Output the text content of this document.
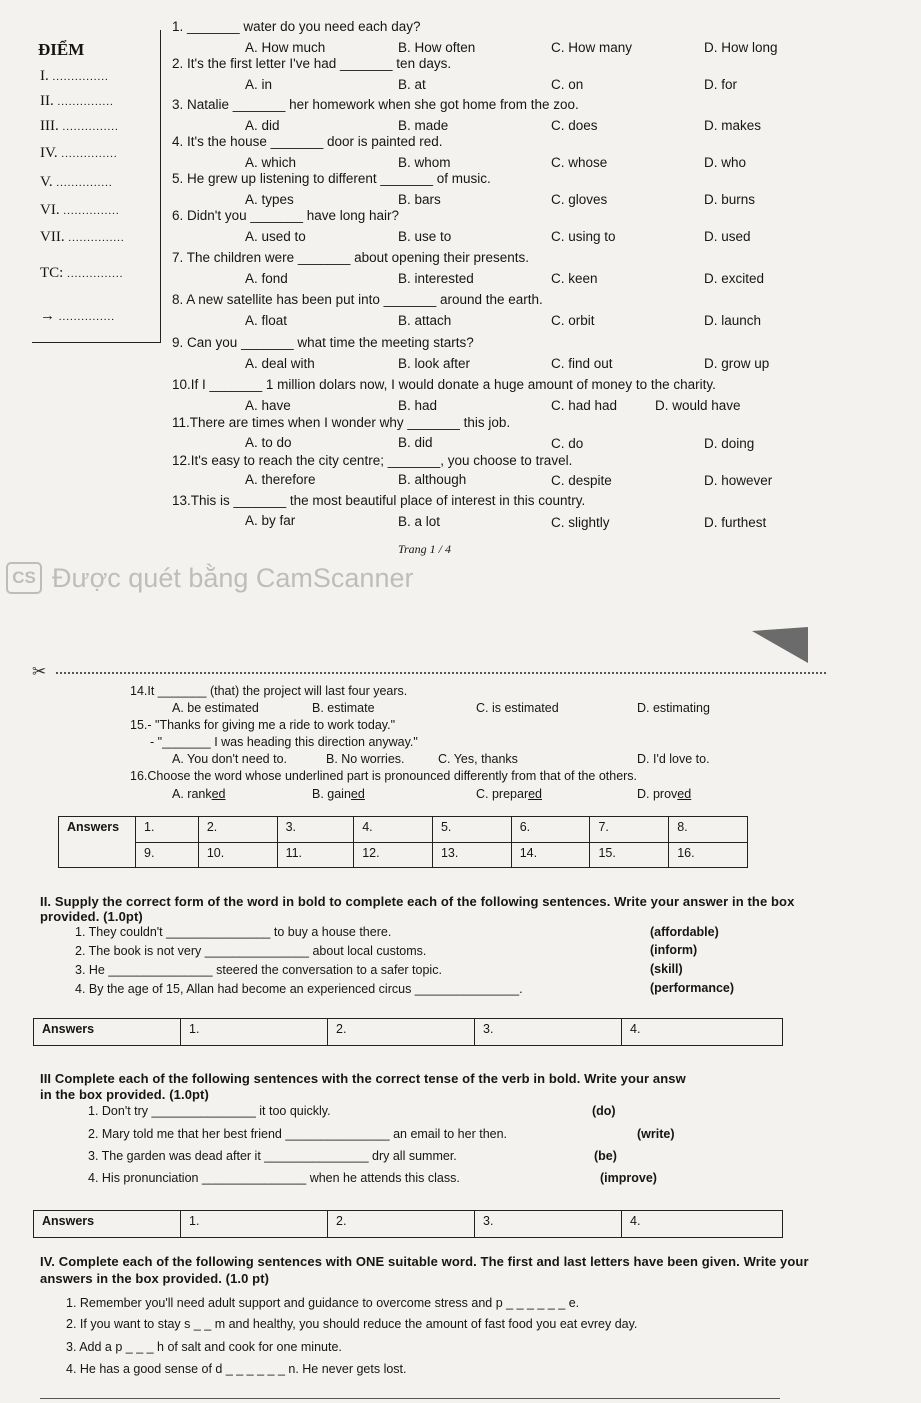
ĐIỂM
I. ...............
II. ...............
III. ...............
IV. ...............
V. ...............
VI. ...............
VII. ...............
TC: ...............
→ ...............
1. _______ water do you need each day?
A. How much	B. How often	C. How many	D. How long
2. It's the first letter I've had _______ ten days.
A. in	B. at	C. on	D. for
3. Natalie _______ her homework when she got home from the zoo.
A. did	B. made	C. does	D. makes
4. It's the house _______ door is painted red.
A. which	B. whom	C. whose	D. who
5. He grew up listening to different _______ of music.
A. types	B. bars	C. gloves	D. burns
6. Didn't you _______ have long hair?
A. used to	B. use to	C. using to	D. used
7. The children were _______ about opening their presents.
A. fond	B. interested	C. keen	D. excited
8. A new satellite has been put into _______ around the earth.
A. float	B. attach	C. orbit	D. launch
9. Can you _______ what time the meeting starts?
A. deal with	B. look after	C. find out	D. grow up
10.If I _______ 1 million dolars now, I would donate a huge amount of money to the charity.
A. have	B. had	C. had had	D. would have
11.There are times when I wonder why _______ this job.
A. to do	B. did	C. do	D. doing
12.It's easy to reach the city centre; _______, you choose to travel.
A. therefore	B. although	C. despite	D. however
13.This is _______ the most beautiful place of interest in this country.
A. by far	B. a lot	C. slightly	D. furthest
Trang 1 / 4
CS Được quét bằng CamScanner
✂
14.It _______ (that) the project will last four years.
A. be estimated	B. estimate	C. is estimated	D. estimating
15.- "Thanks for giving me a ride to work today."
- "_______ I was heading this direction anyway."
A. You don't need to.	B. No worries.	C. Yes, thanks	D. I'd love to.
16.Choose the word whose underlined part is pronounced differently from that of the others.
A. ranked	B. gained	C. prepared	D. proved
Answers	1.	2.	3.	4.	5.	6.	7.	8.
	9.	10.	11.	12.	13.	14.	15.	16.
II. Supply the correct form of the word in bold to complete each of the following sentences. Write your answer in the box provided. (1.0pt)
1. They couldn't _______________ to buy a house there.	(affordable)
2. The book is not very _______________ about local customs.	(inform)
3. He _______________ steered the conversation to a safer topic.	(skill)
4. By the age of 15, Allan had become an experienced circus _______________.	(performance)
Answers	1.	2.	3.	4.
III Complete each of the following sentences with the correct tense of the verb in bold. Write your answ
in the box provided. (1.0pt)
1. Don't try _______________ it too quickly.	(do)
2. Mary told me that her best friend _______________ an email to her then.	(write)
3. The garden was dead after it _______________ dry all summer.	(be)
4. His pronunciation _______________ when he attends this class.	(improve)
Answers	1.	2.	3.	4.
IV. Complete each of the following sentences with ONE suitable word. The first and last letters have been given. Write your answers in the box provided. (1.0 pt)
1. Remember you'll need adult support and guidance to overcome stress and p _ _ _ _ _ _ e.
2. If you want to stay s _ _ m and healthy, you should reduce the amount of fast food you eat evrey day.
3. Add a p _ _ _ h of salt and cook for one minute.
4. He has a good sense of d _ _ _ _ _ _ n. He never gets lost.
